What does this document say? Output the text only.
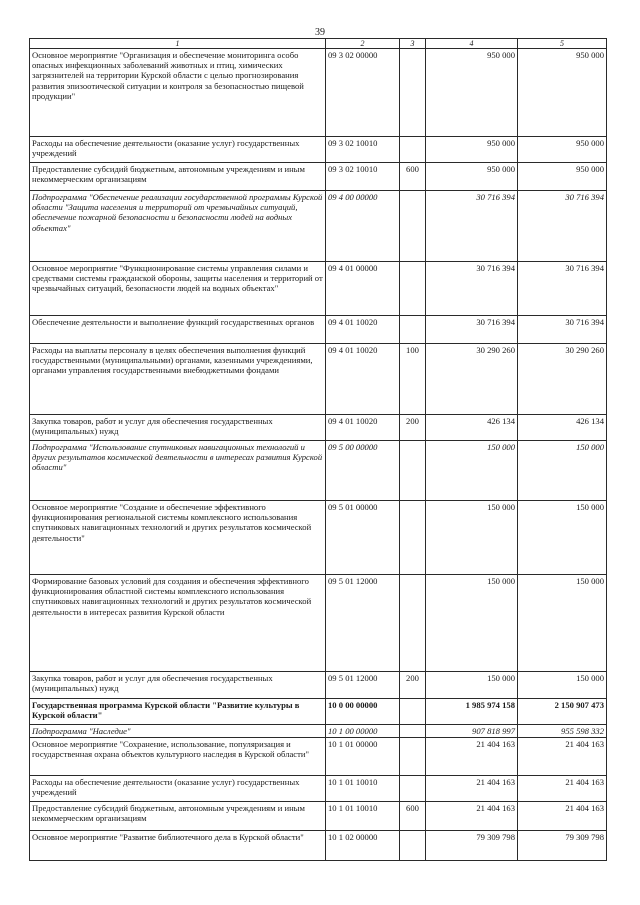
39
1	2	3	4	5
Основное мероприятие "Организация и обеспечение мониторинга особо опасных инфекционных заболеваний животных и птиц, химических загрязнителей на территории Курской области с целью прогнозирования развития эпизоотической ситуации и контроля за безопасностью пищевой продукции"	09 3 02 00000		950 000	950 000
Расходы на обеспечение деятельности (оказание услуг) государственных учреждений	09 3 02 10010		950 000	950 000
Предоставление субсидий бюджетным, автономным учреждениям и иным некоммерческим организациям	09 3 02 10010	600	950 000	950 000
Подпрограмма "Обеспечение реализации государственной программы Курской области "Защита населения и территорий от чрезвычайных ситуаций, обеспечение пожарной безопасности и безопасности людей на водных объектах"	09 4 00 00000		30 716 394	30 716 394
Основное мероприятие "Функционирование системы управления силами и средствами системы гражданской обороны, защиты населения и территорий от чрезвычайных ситуаций, безопасности людей на водных объектах"	09 4 01 00000		30 716 394	30 716 394
Обеспечение деятельности и выполнение функций государственных органов	09 4 01 10020		30 716 394	30 716 394
Расходы на выплаты персоналу в целях обеспечения выполнения функций государственными (муниципальными) органами, казенными учреждениями, органами управления государственными внебюджетными фондами	09 4 01 10020	100	30 290 260	30 290 260
Закупка товаров, работ и услуг для обеспечения государственных (муниципальных) нужд	09 4 01 10020	200	426 134	426 134
Подпрограмма "Использование спутниковых навигационных технологий и других результатов космической деятельности в интересах развития Курской области"	09 5 00 00000		150 000	150 000
Основное мероприятие "Создание и обеспечение эффективного функционирования региональной системы комплексного использования спутниковых навигационных технологий и других результатов космической деятельности"	09 5 01 00000		150 000	150 000
Формирование базовых условий для создания и обеспечения эффективного функционирования областной системы комплексного использования спутниковых навигационных технологий и других результатов космической деятельности в интересах развития Курской области	09 5 01 12000		150 000	150 000
Закупка товаров, работ и услуг для обеспечения государственных (муниципальных) нужд	09 5 01 12000	200	150 000	150 000
Государственная программа Курской области "Развитие культуры в Курской области"	10 0 00 00000		1 985 974 158	2 150 907 473
Подпрограмма "Наследие"	10 1 00 00000		907 818 997	955 598 332
Основное мероприятие "Сохранение, использование, популяризация и государственная охрана объектов культурного наследия в Курской области"	10 1 01 00000		21 404 163	21 404 163
Расходы на обеспечение деятельности (оказание услуг) государственных учреждений	10 1 01 10010		21 404 163	21 404 163
Предоставление субсидий бюджетным, автономным учреждениям и иным некоммерческим организациям	10 1 01 10010	600	21 404 163	21 404 163
Основное мероприятие "Развитие библиотечного дела в Курской области"	10 1 02 00000		79 309 798	79 309 798
